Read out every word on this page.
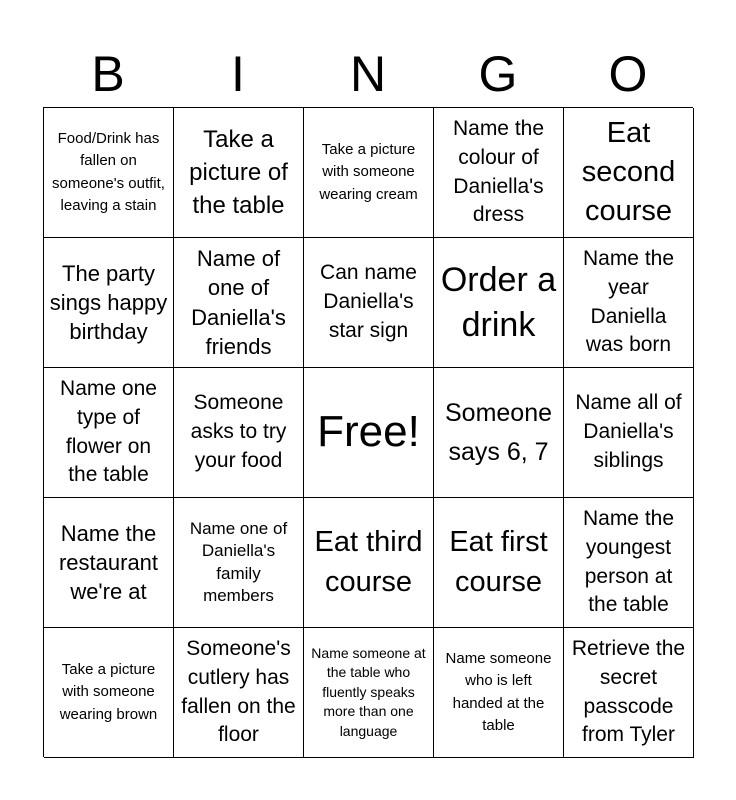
B	I	N	G	O
Food/Drink has fallen on someone's outfit, leaving a stain
Take a picture of the table
Take a picture with someone wearing cream
Name the colour of Daniella's dress
Eat second course
The party sings happy birthday
Name of one of Daniella's friends
Can name Daniella's star sign
Order a drink
Name the year Daniella was born
Name one type of flower on the table
Someone asks to try your food
Free! Someone says 6, 7
Name all of Daniella's siblings
Name the restaurant we're at
Name one of Daniella's family members
Eat third course
Eat first course
Name the youngest person at the table
Take a picture with someone wearing brown
Someone's cutlery has fallen on the floor
Name someone at the table who fluently speaks more than one language
Name someone who is left handed at the table
Retrieve the secret passcode from Tyler
